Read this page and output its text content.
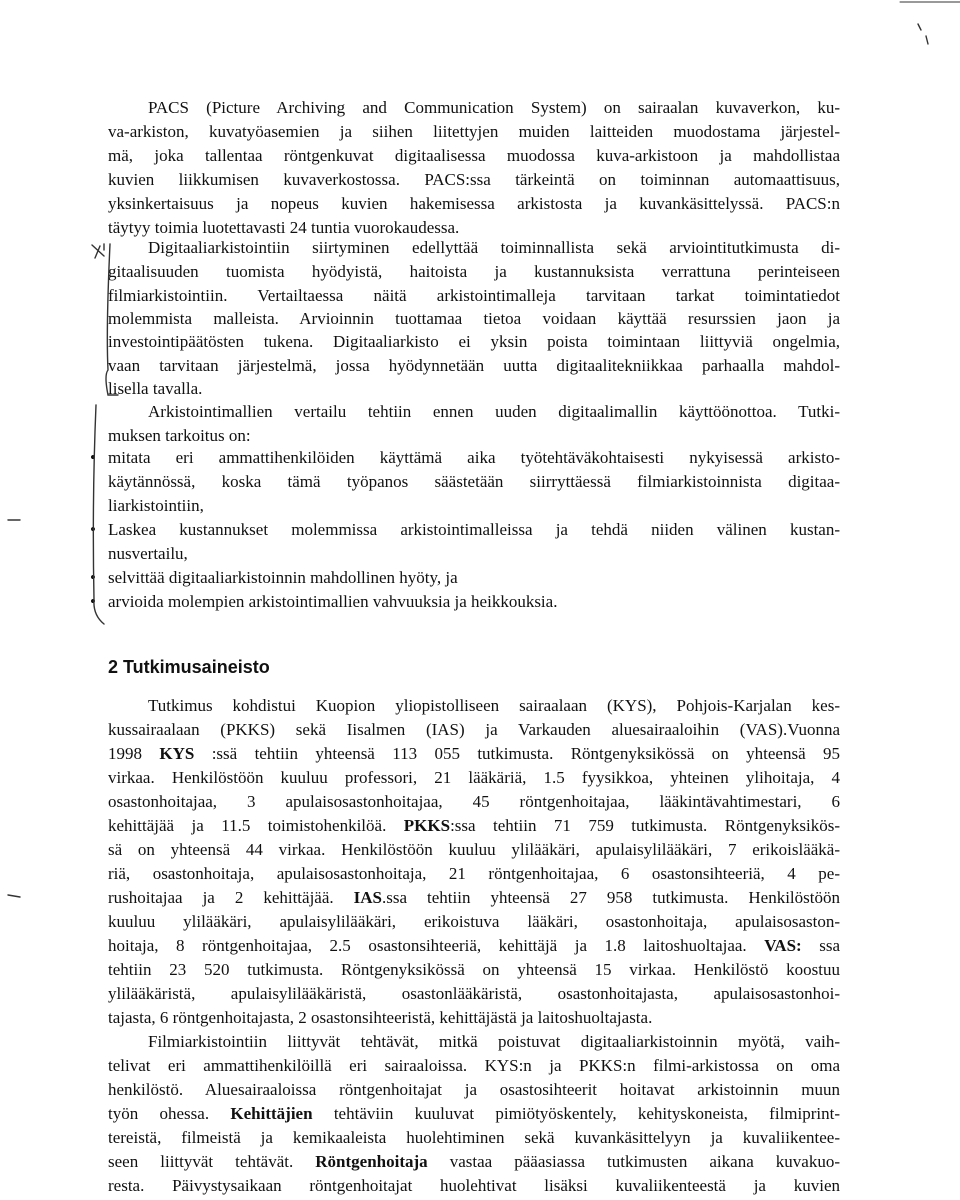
PACS (Picture Archiving and Communication System) on sairaalan kuvaverkon, ku-
va-arkiston, kuvatyöasemien ja siihen liitettyjen muiden laitteiden muodostama järjestel-
mä, joka tallentaa röntgenkuvat digitaalisessa muodossa kuva-arkistoon ja mahdollistaa
kuvien liikkumisen kuvaverkostossa. PACS:ssa tärkeintä on toiminnan automaattisuus,
yksinkertaisuus ja nopeus kuvien hakemisessa arkistosta ja kuvankäsittelyssä. PACS:n
täytyy toimia luotettavasti 24 tuntia vuorokaudessa.
Digitaaliarkistointiin siirtyminen edellyttää toiminnallista sekä arviointitutkimusta di-
gitaalisuuden tuomista hyödyistä, haitoista ja kustannuksista verrattuna perinteiseen
filmiarkistointiin. Vertailtaessa näitä arkistointimalleja tarvitaan tarkat toimintatiedot
molemmista malleista. Arvioinnin tuottamaa tietoa voidaan käyttää resurssien jaon ja
investointipäätösten tukena. Digitaaliarkisto ei yksin poista toimintaan liittyviä ongelmia,
vaan tarvitaan järjestelmä, jossa hyödynnetään uutta digitaalitekniikkaa parhaalla mahdol-
lisella tavalla.
Arkistointimallien vertailu tehtiin ennen uuden digitaalimallin käyttöönottoa. Tutki-
muksen tarkoitus on:
• mitata eri ammattihenkilöiden käyttämä aika työtehtäväkohtaisesti nykyisessä arkisto-
käytännössä, koska tämä työpanos säästetään siirryttäessä filmiarkistoinnista digitaa-
liarkistointiin,
• Laskea kustannukset molemmissa arkistointimalleissa ja tehdä niiden välinen kustan-
nusvertailu,
• selvittää digitaaliarkistoinnin mahdollinen hyöty, ja
• arvioida molempien arkistointimallien vahvuuksia ja heikkouksia.
2 Tutkimusaineisto
Tutkimus kohdistui Kuopion yliopistolliseen sairaalaan (KYS), Pohjois-Karjalan kes-
kussairaalaan (PKKS) sekä Iisalmen (IAS) ja Varkauden aluesairaaloihin (VAS).Vuonna
1998 KYS :ssä tehtiin yhteensä 113 055 tutkimusta. Röntgenyksikössä on yhteensä 95
virkaa. Henkilöstöön kuuluu professori, 21 lääkäriä, 1.5 fyysikkoa, yhteinen ylihoitaja, 4
osastonhoitajaa, 3 apulaisosastonhoitajaa, 45 röntgenhoitajaa, lääkintävahtimestari, 6
kehittäjää ja 11.5 toimistohenkilöä. PKKS:ssa tehtiin 71 759 tutkimusta. Röntgenyksikös-
sä on yhteensä 44 virkaa. Henkilöstöön kuuluu ylilääkäri, apulaisylilääkäri, 7 erikoislääkä-
riä, osastonhoitaja, apulaisosastonhoitaja, 21 röntgenhoitajaa, 6 osastonsihteeriä, 4 pe-
rushoitajaa ja 2 kehittäjää. IAS.ssa tehtiin yhteensä 27 958 tutkimusta. Henkilöstöön
kuuluu ylilääkäri, apulaisylilääkäri, erikoistuva lääkäri, osastonhoitaja, apulaisosaston-
hoitaja, 8 röntgenhoitajaa, 2.5 osastonsihteeriä, kehittäjä ja 1.8 laitoshuoltajaa. VAS: ssa
tehtiin 23 520 tutkimusta. Röntgenyksikössä on yhteensä 15 virkaa. Henkilöstö koostuu
ylilääkäristä, apulaisylilääkäristä, osastonlääkäristä, osastonhoitajasta, apulaisosastonhoi-
tajasta, 6 röntgenhoitajasta, 2 osastonsihteeristä, kehittäjästä ja laitoshuoltajasta.
Filmiarkistointiin liittyvät tehtävät, mitkä poistuvat digitaaliarkistoinnin myötä, vaih-
telivat eri ammattihenkilöillä eri sairaaloissa. KYS:n ja PKKS:n filmi-arkistossa on oma
henkilöstö. Aluesairaaloissa röntgenhoitajat ja osastosihteerit hoitavat arkistoinnin muun
työn ohessa. Kehittäjien tehtäviin kuuluvat pimiötyöskentely, kehityskoneista, filmiprint-
tereistä, filmeistä ja kemikaaleista huolehtiminen sekä kuvankäsittelyyn ja kuvaliikentee-
seen liittyvät tehtävät. Röntgenhoitaja vastaa pääasiassa tutkimusten aikana kuvakuo-
resta. Päivystysaikaan röntgenhoitajat huolehtivat lisäksi kuvaliikenteestä ja kuvien
